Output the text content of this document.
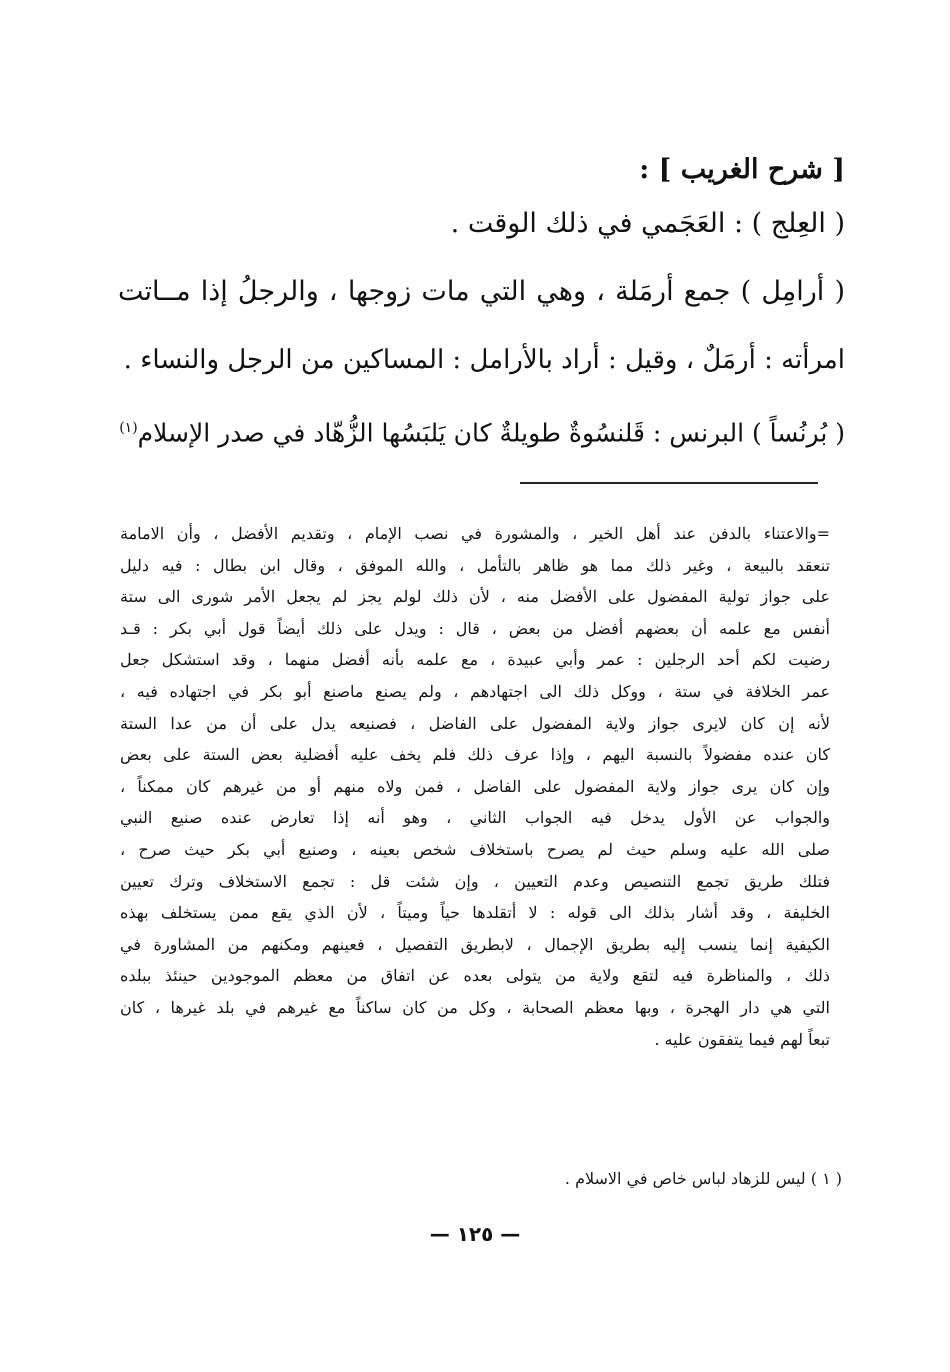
[ شرح الغريب ] :
( العِلج ) : العَجَمي في ذلك الوقت .
( أرامِل ) جمع أرمَلة ، وهي التي مات زوجها ، والرجلُ إذا مــاتت
امرأته : أرمَلٌ ، وقيل : أراد بالأرامل : المساكين من الرجل والنساء .
( بُرنُساً ) البرنس : قَلنسُوةٌ طويلةٌ كان يَلبَسُها الزُّهّاد في صدر الإسلام$^{(١)}$
=والاعتناء بالدفن عند أهل الخير ، والمشورة في نصب الإمام ، وتقديم الأفضل ، وأن الامامة
تنعقد بالبيعة ، وغير ذلك مما هو ظاهر بالتأمل ، والله الموفق ، وقال ابن بطال : فيه دليل
على جواز تولية المفضول على الأفضل منه ، لأن ذلك لولم يجز لم يجعل الأمر شورى الى ستة
أنفس مع علمه أن بعضهم أفضل من بعض ، قال : ويدل على ذلك أيضاً قول أبي بكر : قـد
رضيت لكم أحد الرجلين : عمر وأبي عبيدة ، مع علمه بأنه أفضل منهما ، وقد استشكل جعل
عمر الخلافة في ستة ، ووكل ذلك الى اجتهادهم ، ولم يصنع ماصنع أبو بكر في اجتهاده فيه ،
لأنه إن كان لايرى جواز ولاية المفضول على الفاضل ، فصنيعه يدل على أن من عدا الستة
كان عنده مفضولاً بالنسبة اليهم ، وإذا عرف ذلك فلم يخف عليه أفضلية بعض الستة على بعض
وإن كان يرى جواز ولاية المفضول على الفاضل ، فمن ولاه منهم أو من غيرهم كان ممكناً ،
والجواب عن الأول يدخل فيه الجواب الثاني ، وهو أنه إذا تعارض عنده صنيع النبي
صلى الله عليه وسلم حيث لم يصرح باستخلاف شخص بعينه ، وصنيع أبي بكر حيث صرح ،
فتلك طريق تجمع التنصيص وعدم التعيين ، وإن شئت قل : تجمع الاستخلاف وترك تعيين
الخليفة ، وقد أشار بذلك الى قوله : لا أتقلدها حياً وميتاً ، لأن الذي يقع ممن يستخلف بهذه
الكيفية إنما ينسب إليه بطريق الإجمال ، لابطريق التفصيل ، فعينهم ومكنهم من المشاورة في
ذلك ، والمناظرة فيه لتقع ولاية من يتولى بعده عن اتفاق من معظم الموجودين حينئذ ببلده
التي هي دار الهجرة ، وبها معظم الصحابة ، وكل من كان ساكناً مع غيرهم في بلد غيرها ، كان
تبعاً لهم فيما يتفقون عليه .
( ١ ) ليس للزهاد لباس خاص في الاسلام .
— ١٢٥ —
